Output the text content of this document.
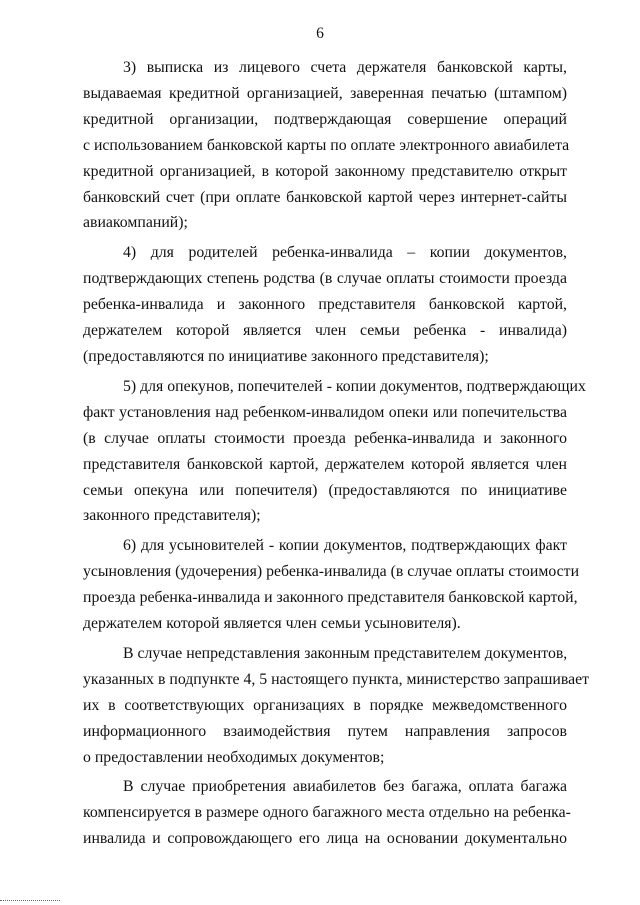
6
3) выписка из лицевого счета держателя банковской карты,
выдаваемая кредитной организацией, заверенная печатью (штампом)
кредитной организации, подтверждающая совершение операций
с использованием банковской карты по оплате электронного авиабилета
кредитной организацией, в которой законному представителю открыт
банковский счет (при оплате банковской картой через интернет-сайты
авиакомпаний);
4) для родителей ребенка-инвалида – копии документов,
подтверждающих степень родства (в случае оплаты стоимости проезда
ребенка-инвалида и законного представителя банковской картой,
держателем которой является член семьи ребенка - инвалида)
(предоставляются по инициативе законного представителя);
5) для опекунов, попечителей - копии документов, подтверждающих
факт установления над ребенком-инвалидом опеки или попечительства
(в случае оплаты стоимости проезда ребенка-инвалида и законного
представителя банковской картой, держателем которой является член
семьи опекуна или попечителя) (предоставляются по инициативе
законного представителя);
6) для усыновителей - копии документов, подтверждающих факт
усыновления (удочерения) ребенка-инвалида (в случае оплаты стоимости
проезда ребенка-инвалида и законного представителя банковской картой,
держателем которой является член семьи усыновителя).
В случае непредставления законным представителем документов,
указанных в подпункте 4, 5 настоящего пункта, министерство запрашивает
их в соответствующих организациях в порядке межведомственного
информационного взаимодействия путем направления запросов
о предоставлении необходимых документов;
В случае приобретения авиабилетов без багажа, оплата багажа
компенсируется в размере одного багажного места отдельно на ребенка-
инвалида и сопровождающего его лица на основании документально
